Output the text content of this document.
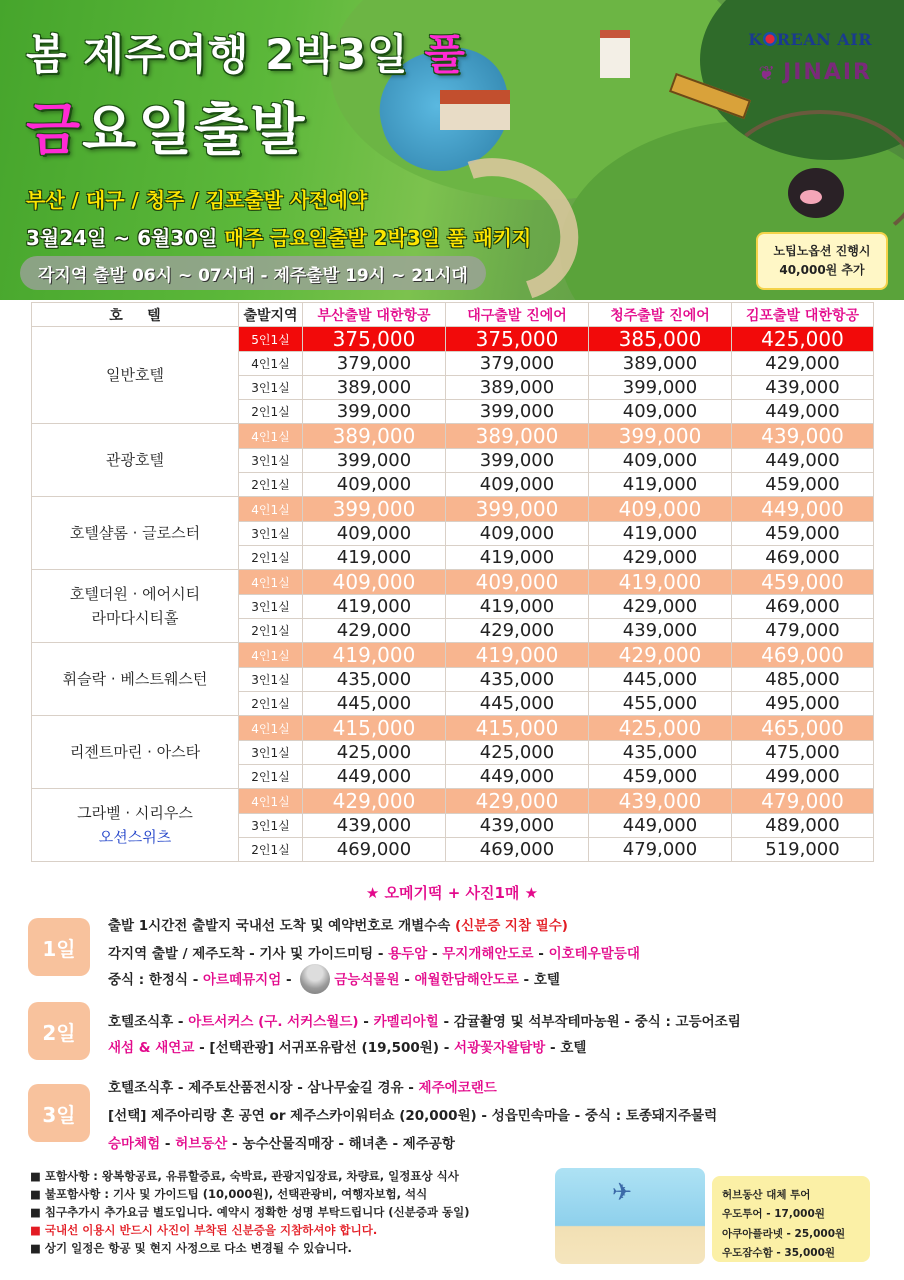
봄 제주여행 2박3일 풀
금요일출발
부산 / 대구 / 청주 / 김포출발 사전예약
3월24일 ~ 6월30일 매주 금요일출발 2박3일 풀 패키지
각지역 출발 06시 ~ 07시대 - 제주출발 19시 ~ 21시대
K REAN AIR
❦ JINAIR
노팁노옵션 진행시
40,000원 추가
호     텔	출발지역	부산출발 대한항공	대구출발 진에어	청주출발 진에어	김포출발 대한항공

일반호텔	5인1실	375,000	375,000	385,000	425,000
	4인1실	379,000	379,000	389,000	429,000
	3인1실	389,000	389,000	399,000	439,000
	2인1실	399,000	399,000	409,000	449,000

관광호텔	4인1실	389,000	389,000	399,000	439,000
	3인1실	399,000	399,000	409,000	449,000
	2인1실	409,000	409,000	419,000	459,000

호텔샬롬 · 글로스터	4인1실	399,000	399,000	409,000	449,000
	3인1실	409,000	409,000	419,000	459,000
	2인1실	419,000	419,000	429,000	469,000

호텔더원 · 에어시티
라마다시티홀	4인1실	409,000	409,000	419,000	459,000
	3인1실	419,000	419,000	429,000	469,000
	2인1실	429,000	429,000	439,000	479,000

휘슬락 · 베스트웨스턴	4인1실	419,000	419,000	429,000	469,000
	3인1실	435,000	435,000	445,000	485,000
	2인1실	445,000	445,000	455,000	495,000

리젠트마린 · 아스타	4인1실	415,000	415,000	425,000	465,000
	3인1실	425,000	425,000	435,000	475,000
	2인1실	449,000	449,000	459,000	499,000

그라벨 · 시리우스
오션스위츠	4인1실	429,000	429,000	439,000	479,000
	3인1실	439,000	439,000	449,000	489,000
	2인1실	469,000	469,000	479,000	519,000
★ 오메기떡 + 사진1매 ★
1일
출발 1시간전 출발지 국내선 도착 및 예약번호로 개별수속 (신분증 지참 필수)
각지역 출발 / 제주도착 - 기사 및 가이드미팅 - 용두암 - 무지개해안도로 - 이호테우말등대
중식 : 한정식 - 아르떼뮤지엄 -	금능석물원 - 애월한담해안도로 - 호텔
2일	호텔조식후 - 아트서커스 (구. 서커스월드) - 카멜리아힐 - 감귤촬영 및 석부작테마농원 - 중식 : 고등어조림
새섬 & 새연교 - [선택관광] 서귀포유람선 (19,500원) - 서광꽃자왈탐방 - 호텔
3일
호텔조식후 - 제주토산품전시장 - 삼나무숲길 경유 - 제주에코랜드
[선택] 제주아리랑 혼 공연 or 제주스카이워터쇼 (20,000원) - 성읍민속마을 - 중식 : 토종돼지주물럭
승마체험 - 허브동산 - 농수산물직매장 - 해녀촌 - 제주공항
■ 포함사항 : 왕복항공료, 유류할증료, 숙박료, 관광지입장료, 차량료, 일정표상 식사
■ 불포함사항 : 기사 및 가이드팁 (10,000원), 선택관광비, 여행자보험, 석식
■ 침구추가시 추가요금 별도입니다. 예약시 정확한 성명 부탁드립니다 (신분증과 동일)
■ 국내선 이용시 반드시 사진이 부착된 신분증을 지참하셔야 합니다.
■ 상기 일정은 항공 및 현지 사정으로 다소 변경될 수 있습니다.
✈	허브동산 대체 투어
우도투어 - 17,000원
아쿠아플라넷 - 25,000원
우도잠수함 - 35,000원
